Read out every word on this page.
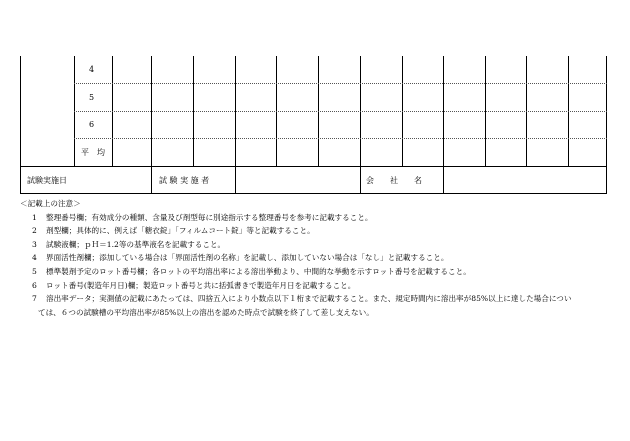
4
5
6
平　均
試験実施日	試 験 実 施 者	会　　社　　名
＜記載上の注意＞
1 整理番号欄；有効成分の種類、含量及び剤型毎に別途指示する整理番号を参考に記載すること。
2 剤型欄；具体的に、例えば「糖衣錠」「フィルムコート錠」等と記載すること。
3 試験液欄；ｐＨ＝1.2等の基準液名を記載すること。
4 界面活性剤欄；添加している場合は「界面活性剤の名称」を記載し、添加していない場合は「なし」と記載すること。
5 標準製剤予定のロット番号欄；各ロットの平均溶出率による溶出挙動より、中間的な挙動を示すロット番号を記載すること。
6 ロット番号(製造年月日)欄；製造ロット番号と共に括弧書きで製造年月日を記載すること。
7 溶出率データ；実測値の記載にあたっては、四捨五入により小数点以下１桁まで記載すること。また、規定時間内に溶出率が85%以上に達した場合につい
ては、６つの試験槽の平均溶出率が85%以上の溶出を認めた時点で試験を終了して差し支えない。
